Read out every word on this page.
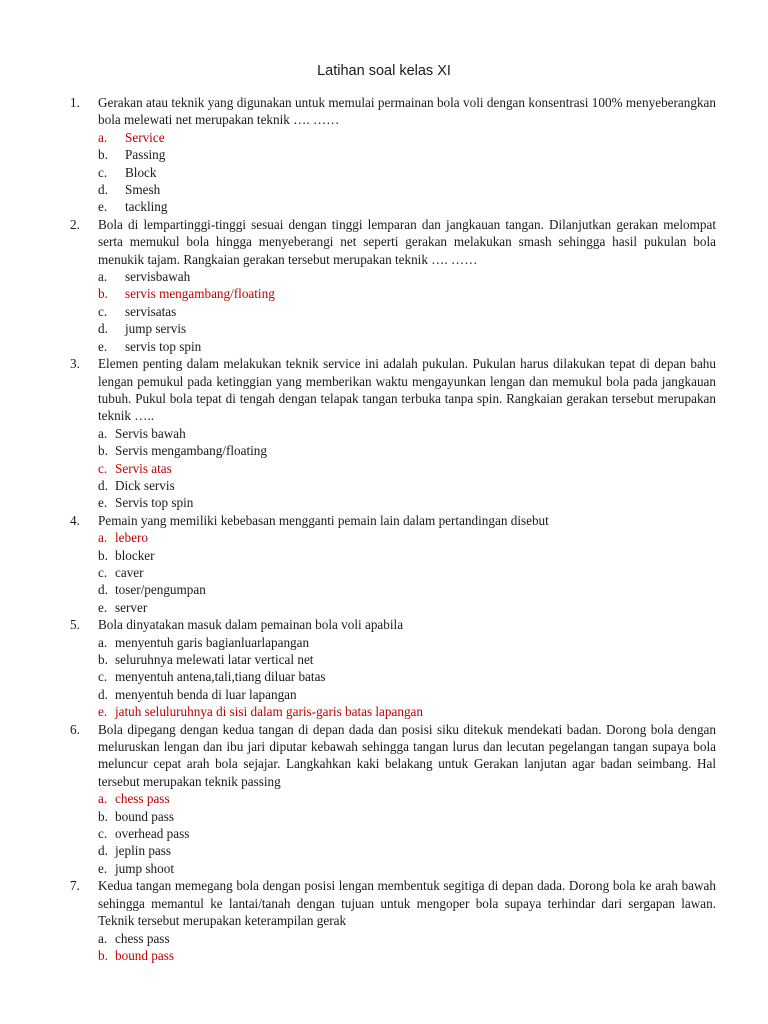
Latihan soal kelas XI
1.	Gerakan atau teknik yang digunakan untuk memulai permainan bola voli dengan konsentrasi 100% menyeberangkan bola melewati net merupakan teknik …. ……
a.	Service
b.	Passing
c.	Block
d.	Smesh
e.	tackling
2.	Bola di lempartinggi-tinggi sesuai dengan tinggi lemparan dan jangkauan tangan. Dilanjutkan gerakan melompat serta memukul bola hingga menyeberangi net seperti gerakan melakukan smash sehingga hasil pukulan bola menukik tajam. Rangkaian gerakan tersebut merupakan teknik …. ……
a.	servisbawah
b.	servis mengambang/floating
c.	servisatas
d.	jump servis
e.	servis top spin
3.	Elemen penting dalam melakukan teknik service ini adalah pukulan. Pukulan harus dilakukan tepat di depan bahu lengan pemukul pada ketinggian yang memberikan waktu mengayunkan lengan dan memukul bola pada jangkauan tubuh. Pukul bola tepat di tengah dengan telapak tangan terbuka tanpa spin. Rangkaian gerakan tersebut merupakan teknik …..
a. Servis bawah
b. Servis mengambang/floating
c. Servis atas
d. Dick servis
e. Servis top spin
4.	Pemain yang memiliki kebebasan mengganti pemain lain dalam pertandingan disebut
a. lebero
b. blocker
c. caver
d. toser/pengumpan
e. server
5.	Bola dinyatakan masuk dalam pemainan bola voli apabila
a. menyentuh garis bagianluarlapangan
b. seluruhnya melewati latar vertical net
c. menyentuh antena,tali,tiang diluar batas
d. menyentuh benda di luar lapangan
e. jatuh seluluruhnya di sisi dalam garis-garis batas lapangan
6.	Bola dipegang dengan kedua tangan di depan dada dan posisi siku ditekuk mendekati badan. Dorong bola dengan meluruskan lengan dan ibu jari diputar kebawah sehingga tangan lurus dan lecutan pegelangan tangan supaya bola meluncur cepat arah bola sejajar. Langkahkan kaki belakang untuk Gerakan lanjutan agar badan seimbang. Hal tersebut merupakan teknik passing
a. chess pass
b. bound pass
c. overhead pass
d. jeplin pass
e. jump shoot
7.	Kedua tangan memegang bola dengan posisi lengan membentuk segitiga di depan dada. Dorong bola ke arah bawah sehingga memantul ke lantai/tanah dengan tujuan untuk mengoper bola supaya terhindar dari sergapan lawan. Teknik tersebut merupakan keterampilan gerak
a. chess pass
b. bound pass
